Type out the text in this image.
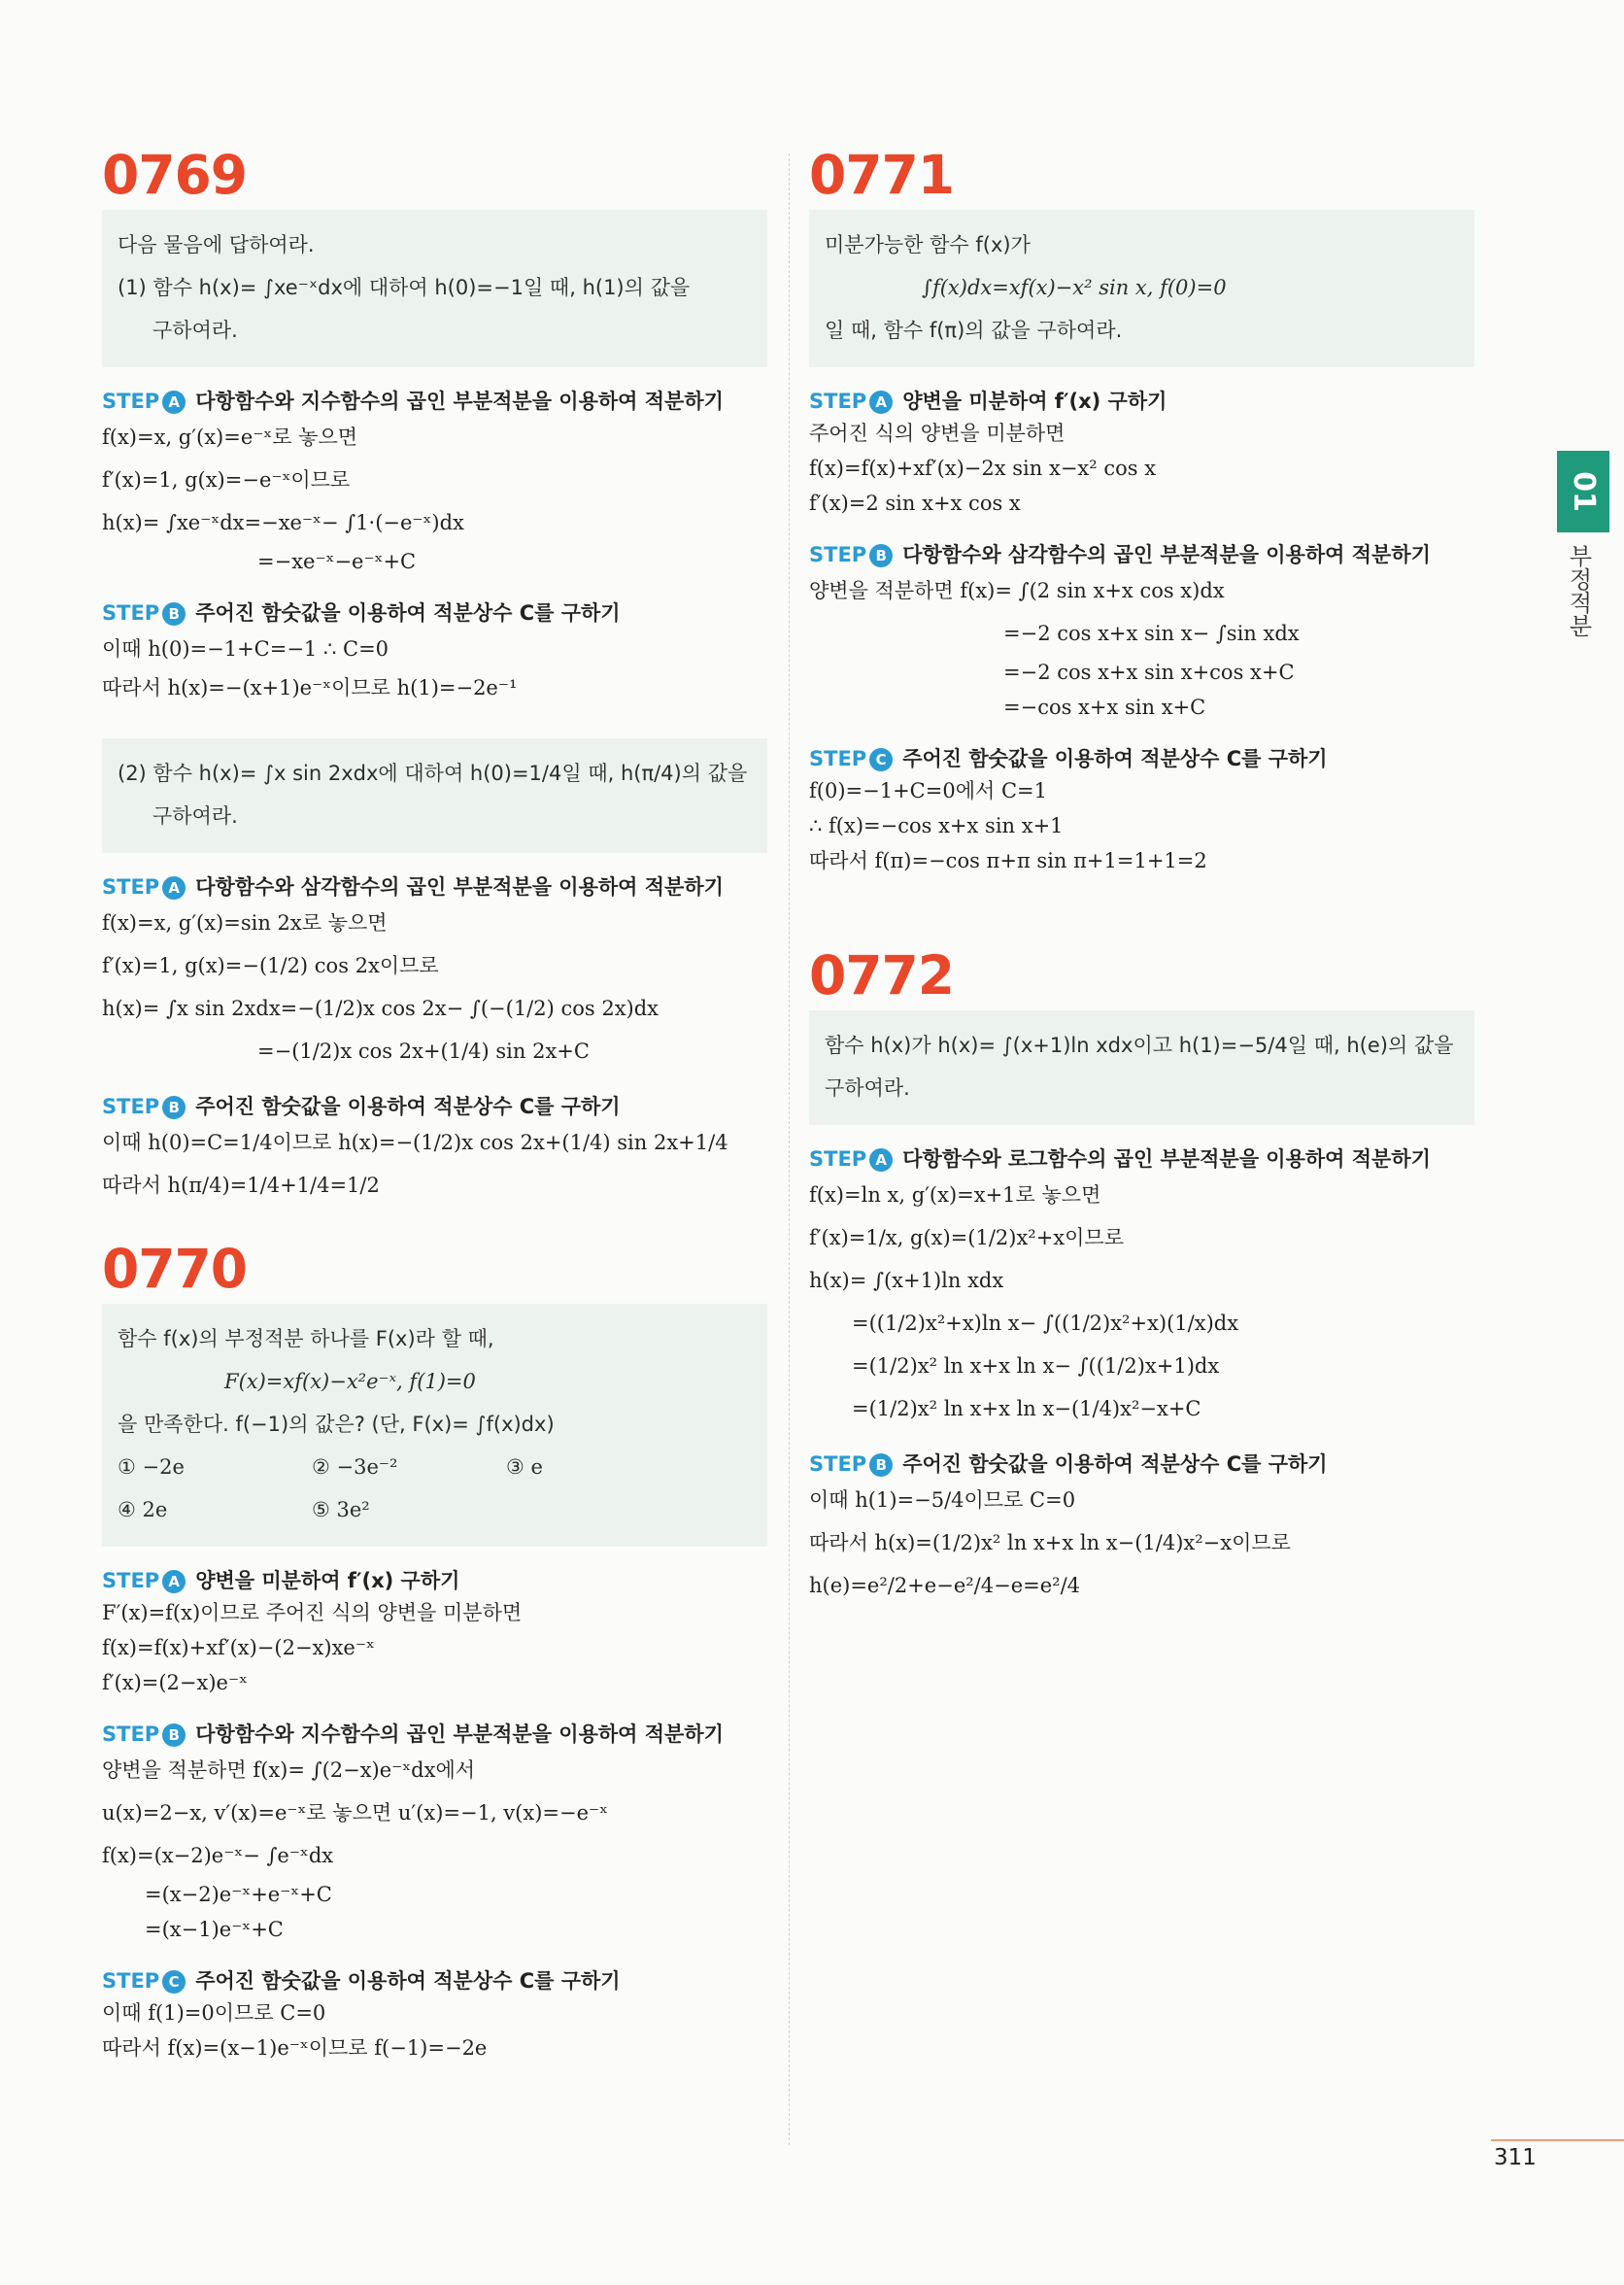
0769
다음 물음에 답하여라.
(1) 함수 h(x)= ∫xe⁻ˣdx에 대하여 h(0)=−1일 때, h(1)의 값을
구하여라.
STEP A 다항함수와 지수함수의 곱인 부분적분을 이용하여 적분하기
f(x)=x, g′(x)=e⁻ˣ로 놓으면
f′(x)=1, g(x)=−e⁻ˣ이므로
h(x)= ∫xe⁻ˣdx=−xe⁻ˣ− ∫1·(−e⁻ˣ)dx
=−xe⁻ˣ−e⁻ˣ+C
STEP B 주어진 함숫값을 이용하여 적분상수 C를 구하기
이때 h(0)=−1+C=−1 ∴ C=0
따라서 h(x)=−(x+1)e⁻ˣ이므로 h(1)=−2e⁻¹
(2) 함수 h(x)= ∫x sin 2xdx에 대하여 h(0)=1/4일 때, h(π/4)의 값을
구하여라.
STEP A 다항함수와 삼각함수의 곱인 부분적분을 이용하여 적분하기
f(x)=x, g′(x)=sin 2x로 놓으면
f′(x)=1, g(x)=−(1/2) cos 2x이므로
h(x)= ∫x sin 2xdx=−(1/2)x cos 2x− ∫(−(1/2) cos 2x)dx
=−(1/2)x cos 2x+(1/4) sin 2x+C
STEP B 주어진 함숫값을 이용하여 적분상수 C를 구하기
이때 h(0)=C=1/4이므로 h(x)=−(1/2)x cos 2x+(1/4) sin 2x+1/4
따라서 h(π/4)=1/4+1/4=1/2
0770
함수 f(x)의 부정적분 하나를 F(x)라 할 때,
F(x)=xf(x)−x²e⁻ˣ, f(1)=0
을 만족한다. f(−1)의 값은? (단, F(x)= ∫f(x)dx)
① −2e	② −3e⁻²	③ e
④ 2e	⑤ 3e²
STEP A 양변을 미분하여 f′(x) 구하기
F′(x)=f(x)이므로 주어진 식의 양변을 미분하면
f(x)=f(x)+xf′(x)−(2−x)xe⁻ˣ
f′(x)=(2−x)e⁻ˣ
STEP B 다항함수와 지수함수의 곱인 부분적분을 이용하여 적분하기
양변을 적분하면 f(x)= ∫(2−x)e⁻ˣdx에서
u(x)=2−x, v′(x)=e⁻ˣ로 놓으면 u′(x)=−1, v(x)=−e⁻ˣ
f(x)=(x−2)e⁻ˣ− ∫e⁻ˣdx
=(x−2)e⁻ˣ+e⁻ˣ+C
=(x−1)e⁻ˣ+C
STEP C 주어진 함숫값을 이용하여 적분상수 C를 구하기
이때 f(1)=0이므로 C=0
따라서 f(x)=(x−1)e⁻ˣ이므로 f(−1)=−2e
0771
미분가능한 함수 f(x)가
∫f(x)dx=xf(x)−x² sin x, f(0)=0
일 때, 함수 f(π)의 값을 구하여라.
STEP A 양변을 미분하여 f′(x) 구하기
주어진 식의 양변을 미분하면
f(x)=f(x)+xf′(x)−2x sin x−x² cos x
f′(x)=2 sin x+x cos x
STEP B 다항함수와 삼각함수의 곱인 부분적분을 이용하여 적분하기
양변을 적분하면 f(x)= ∫(2 sin x+x cos x)dx
=−2 cos x+x sin x− ∫sin xdx
=−2 cos x+x sin x+cos x+C
=−cos x+x sin x+C
STEP C 주어진 함숫값을 이용하여 적분상수 C를 구하기
f(0)=−1+C=0에서 C=1
∴ f(x)=−cos x+x sin x+1
따라서 f(π)=−cos π+π sin π+1=1+1=2
0772
함수 h(x)가 h(x)= ∫(x+1)ln xdx이고 h(1)=−5/4일 때, h(e)의 값을
구하여라.
STEP A 다항함수와 로그함수의 곱인 부분적분을 이용하여 적분하기
f(x)=ln x, g′(x)=x+1로 놓으면
f′(x)=1/x, g(x)=(1/2)x²+x이므로
h(x)= ∫(x+1)ln xdx
=((1/2)x²+x)ln x− ∫((1/2)x²+x)(1/x)dx
=(1/2)x² ln x+x ln x− ∫((1/2)x+1)dx
=(1/2)x² ln x+x ln x−(1/4)x²−x+C
STEP B 주어진 함숫값을 이용하여 적분상수 C를 구하기
이때 h(1)=−5/4이므로 C=0
따라서 h(x)=(1/2)x² ln x+x ln x−(1/4)x²−x이므로
h(e)=e²/2+e−e²/4−e=e²/4
01
부정적분
311
